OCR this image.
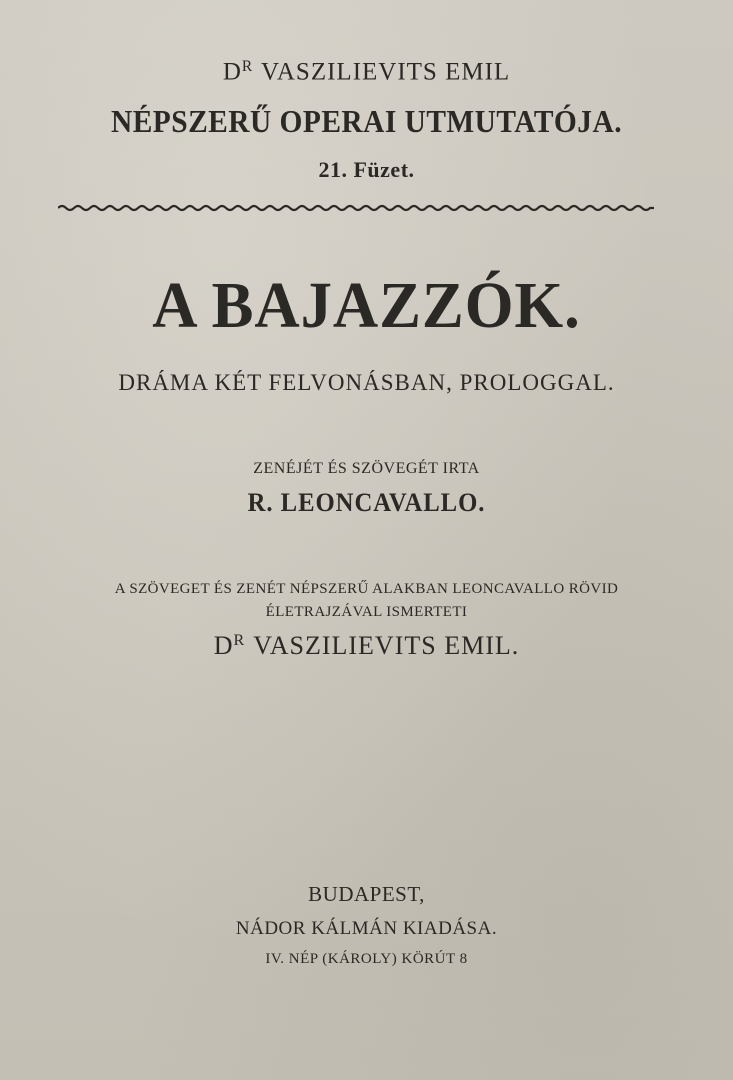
$D^R$ VASZILIEVITS EMIL
NÉPSZERŰ OPERAI UTMUTATÓJA.
21. Füzet.
A BAJAZZÓK.
DRÁMA KÉT FELVONÁSBAN, PROLOGGAL.
ZENÉJÉT ÉS SZÖVEGÉT IRTA
R. LEONCAVALLO.
A SZÖVEGET ÉS ZENÉT NÉPSZERŰ ALAKBAN LEONCAVALLO RÖVID
ÉLETRAJZÁVAL ISMERTETI
$D^R$ VASZILIEVITS EMIL.
BUDAPEST,
NÁDOR KÁLMÁN KIADÁSA.
IV. NÉP (KÁROLY) KÖRÚT 8
